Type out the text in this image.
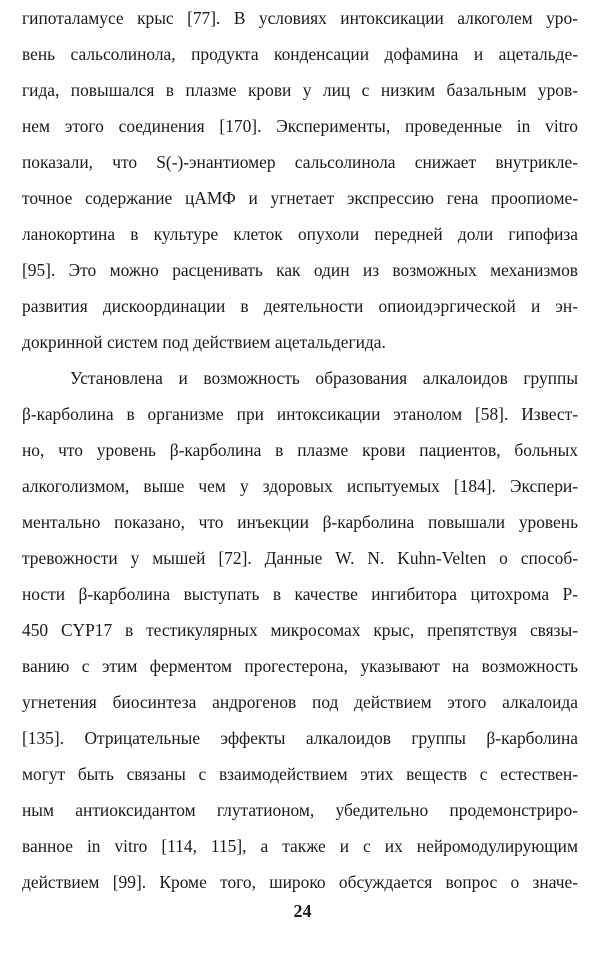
гипоталамусе крыс [77]. В условиях интоксикации алкоголем уро-
вень сальсолинола, продукта конденсации дофамина и ацетальде-
гида, повышался в плазме крови у лиц с низким базальным уров-
нем этого соединения [170]. Эксперименты, проведенные in vitro
показали, что S(-)-энантиомер сальсолинола снижает внутрикле-
точное содержание цАМФ и угнетает экспрессию гена проопиоме-
ланокортина в культуре клеток опухоли передней доли гипофиза
[95]. Это можно расценивать как один из возможных механизмов
развития дискоординации в деятельности опиоидэргической и эн-
докринной систем под действием ацетальдегида.
Установлена и возможность образования алкалоидов группы
β-карболина в организме при интоксикации этанолом [58]. Извест-
но, что уровень β-карболина в плазме крови пациентов, больных
алкоголизмом, выше чем у здоровых испытуемых [184]. Экспери-
ментально показано, что инъекции β-карболина повышали уровень
тревожности у мышей [72]. Данные W. N. Kuhn-Velten о способ-
ности β-карболина выступать в качестве ингибитора цитохрома Р-
450 CYP17 в тестикулярных микросомах крыс, препятствуя связы-
ванию с этим ферментом прогестерона, указывают на возможность
угнетения биосинтеза андрогенов под действием этого алкалоида
[135]. Отрицательные эффекты алкалоидов группы β-карболина
могут быть связаны с взаимодействием этих веществ с естествен-
ным антиоксидантом глутатионом, убедительно продемонстриро-
ванное in vitro [114, 115], а также и с их нейромодулирующим
действием [99]. Кроме того, широко обсуждается вопрос о значе-
24
